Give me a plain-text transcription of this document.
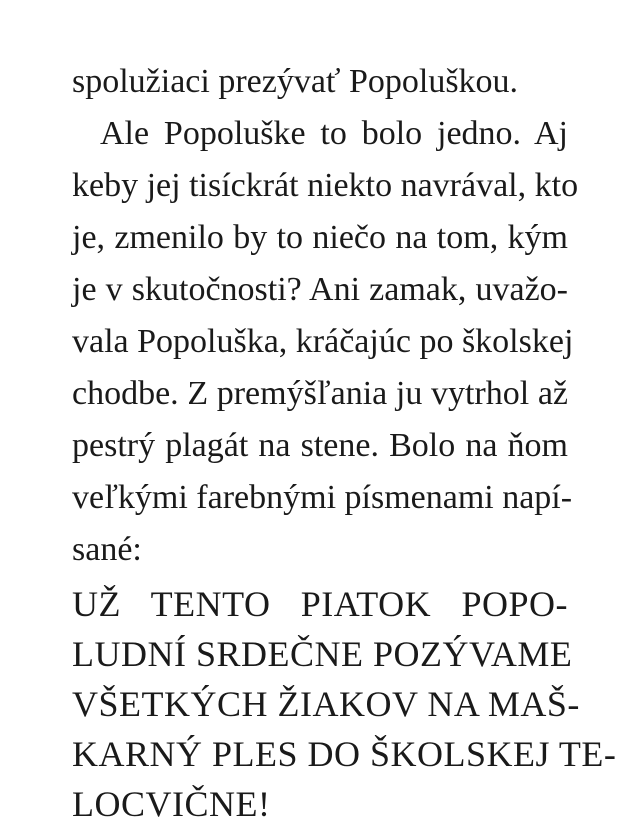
spolužiaci prezývať Popoluškou.
Ale Popoluške to bolo jedno. Aj
keby jej tisíckrát niekto navrával, kto
je, zmenilo by to niečo na tom, kým
je v skutočnosti? Ani zamak, uvažo-
vala Popoluška, kráčajúc po školskej
chodbe. Z premýšľania ju vytrhol až
pestrý plagát na stene. Bolo na ňom
veľkými farebnými písmenami napí-
sané:
UŽ TENTO PIATOK POPO-
LUDNÍ SRDEČNE POZÝVAME
VŠETKÝCH ŽIAKOV NA MAŠ-
KARNÝ PLES DO ŠKOLSKEJ TE-
LOCVIČNE!
